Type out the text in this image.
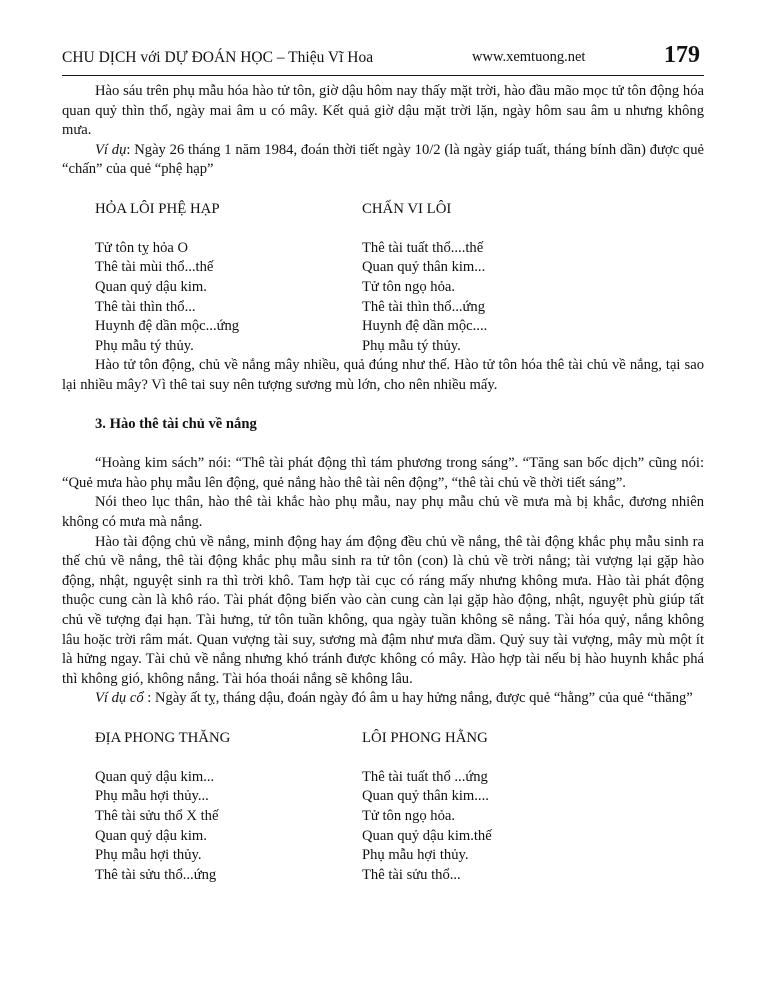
CHU DỊCH với DỰ ĐOÁN HỌC – Thiệu Vĩ Hoa	www.xemtuong.net	179

Hào sáu trên phụ mẫu hóa hào tử tôn, giờ dậu hôm nay thấy mặt trời, hào đầu mão mọc tử tôn động hóa quan quỷ thìn thổ, ngày mai âm u có mây. Kết quả giờ dậu mặt trời lặn, ngày hôm sau âm u nhưng không mưa.

Ví dụ: Ngày 26 tháng 1 năm 1984, đoán thời tiết ngày 10/2 (là ngày giáp tuất, tháng bính dần) được quẻ “chấn” của quẻ “phệ hạp”

HỎA LÔI PHỆ HẠP	CHẤN VI LÔI
Tử tôn tỵ hỏa O	Thê tài tuất thổ....thế
Thê tài mùi thổ...thế	Quan quỷ thân kim...
Quan quỷ dậu kim.	Tử tôn ngọ hỏa.
Thê tài thìn thổ...	Thê tài thìn thổ...ứng
Huynh đệ dần mộc...ứng	Huynh đệ dần mộc....
Phụ mẫu tý thủy.	Phụ mẫu tý thủy.

Hào tử tôn động, chủ về nắng mây nhiều, quả đúng như thế. Hào tử tôn hóa thê tài chủ về nắng, tại sao lại nhiều mây? Vì thê tai suy nên tượng sương mù lớn, cho nên nhiều mấy.

3. Hào thê tài chủ về nắng

“Hoàng kim sách” nói: “Thê tài phát động thì tám phương trong sáng”. “Tăng san bốc dịch” cũng nói: “Quẻ mưa hào phụ mẫu lên động, quẻ nắng hào thê tài nên động”, “thê tài chủ về thời tiết sáng”.

Nói theo lục thân, hào thê tài khắc hào phụ mẫu, nay phụ mẫu chủ về mưa mà bị khắc, đương nhiên không có mưa mà nắng.

Hào tài động chủ về nắng, minh động hay ám động đều chủ về nắng, thê tài động khắc phụ mẫu sinh ra thế chủ về nắng, thê tài động khắc phụ mẫu sinh ra tử tôn (con) là chủ về trời nắng; tài vượng lại gặp hào động, nhật, nguyệt sinh ra thì trời khô. Tam hợp tài cục có ráng mấy nhưng không mưa. Hào tài phát động thuộc cung càn là khô ráo. Tài phát động biến vào càn cung càn lại gặp hào động, nhật, nguyệt phù giúp tất chủ về tượng đại hạn. Tài hưng, tử tôn tuần không, qua ngày tuần không sẽ nắng. Tài hóa quỷ, nắng không lâu hoặc trời râm mát. Quan vượng tài suy, sương mà đậm như mưa dầm. Quỷ suy tài vượng, mây mù một ít là hửng ngay. Tài chủ về nắng nhưng khó tránh được không có mây. Hào hợp tài nếu bị hào huynh khắc phá thì không gió, không nắng. Tài hóa thoái nắng sẽ không lâu.

Ví dụ cổ : Ngày ất tỵ, tháng dậu, đoán ngày đó âm u hay hửng nắng, được quẻ “hằng” của quẻ “thăng”

ĐỊA PHONG THĂNG	LÔI PHONG HẰNG
Quan quỷ dậu kim...	Thê tài tuất thổ ...ứng
Phụ mẫu hợi thủy...	Quan quỷ thân kim....
Thê tài sửu thổ X thế	Tử tôn ngọ hỏa.
Quan quỷ dậu kim.	Quan quỷ dậu kim.thế
Phụ mẫu hợi thủy.	Phụ mẫu hợi thủy.
Thê tài sửu thổ...ứng	Thê tài sửu thổ...
